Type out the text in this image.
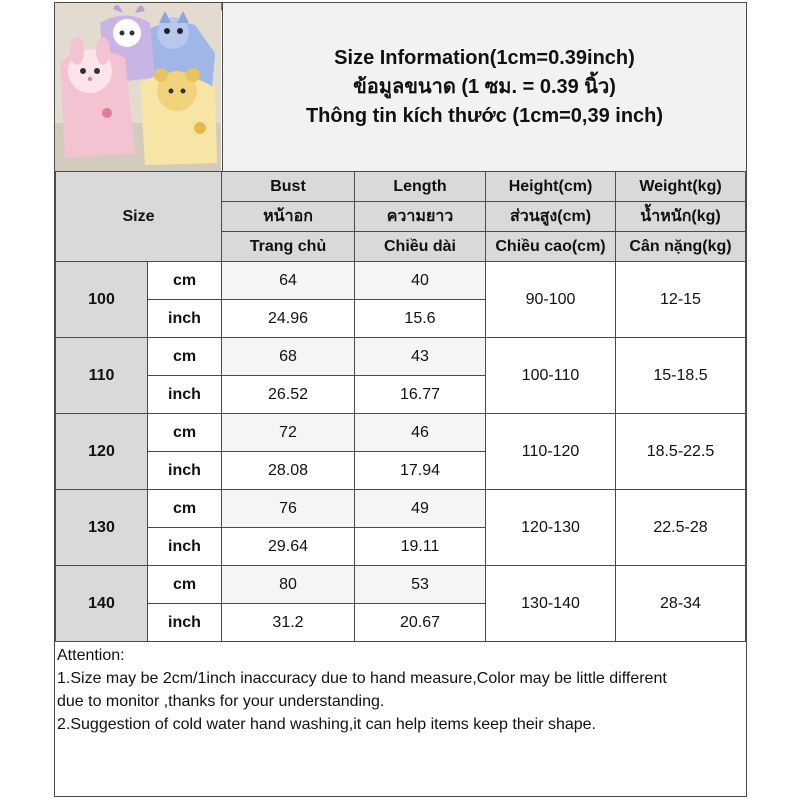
Size Information(1cm=0.39inch)
ข้อมูลขนาด (1 ซม. = 0.39 นิ้ว)
Thông tin kích thước (1cm=0,39 inch)
Size		Bust	Length	Height(cm)	Weight(kg)
		หน้าอก	ความยาว	ส่วนสูง(cm)	น้ำหนัก(kg)
		Trang chủ	Chiều dài	Chiều cao(cm)	Cân nặng(kg)
100	cm	64	40	90-100	12-15
	inch	24.96	15.6		
110	cm	68	43	100-110	15-18.5
	inch	26.52	16.77		
120	cm	72	46	110-120	18.5-22.5
	inch	28.08	17.94		
130	cm	76	49	120-130	22.5-28
	inch	29.64	19.11		
140	cm	80	53	130-140	28-34
	inch	31.2	20.67		

Attention:

1.Size may be 2cm/1inch inaccuracy due to hand measure,Color may be little different

due to monitor ,thanks for your understanding.

2.Suggestion of cold water hand washing,it can help items keep their shape.
